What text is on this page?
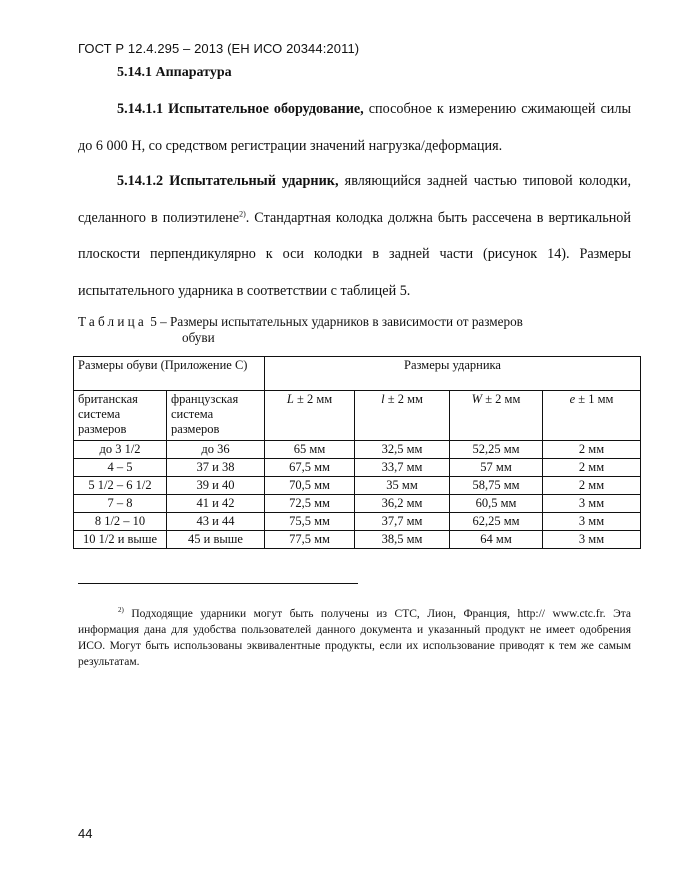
ГОСТ Р 12.4.295 – 2013 (ЕН ИСО 20344:2011)
5.14.1 Аппаратура

5.14.1.1 Испытательное оборудование, способное к измерению сжимающей силы до 6 000 Н, со средством регистрации значений нагрузка/деформация.

5.14.1.2 Испытательный ударник, являющийся задней частью типовой колодки, сделанного в полиэтилене$^{2)}$. Стандартная колодка должна быть рассечена в вертикальной плоскости перпендикулярно к оси колодки в задней части (рисунок 14). Размеры испытательного ударника в соответствии с таблицей 5.

Таблица 5 – Размеры испытательных ударников в зависимости от размеров
обуви
Размеры обуви (Приложение С)		Размеры ударника			
британская система размеров	французская система размеров	L ± 2 мм	l ± 2 мм	W ± 2 мм	e ± 1 мм
до 3 1/2	до 36	65 мм	32,5 мм	52,25 мм	2 мм
4 – 5	37 и 38	67,5 мм	33,7 мм	57 мм	2 мм
5 1/2 – 6 1/2	39 и 40	70,5 мм	35 мм	58,75 мм	2 мм
7 – 8	41 и 42	72,5 мм	36,2 мм	60,5 мм	3 мм
8 1/2 – 10	43 и 44	75,5 мм	37,7 мм	62,25 мм	3 мм
10 1/2 и выше	45 и выше	77,5 мм	38,5 мм	64 мм	3 мм

$^{2)}$ Подходящие ударники могут быть получены из СТС, Лион, Франция, http:// www.ctc.fr. Эта информация дана для удобства пользователей данного документа и указанный продукт не имеет одобрения ИСО. Могут быть использованы эквивалентные продукты, если их использование приводят к тем же самым результатам.

44
